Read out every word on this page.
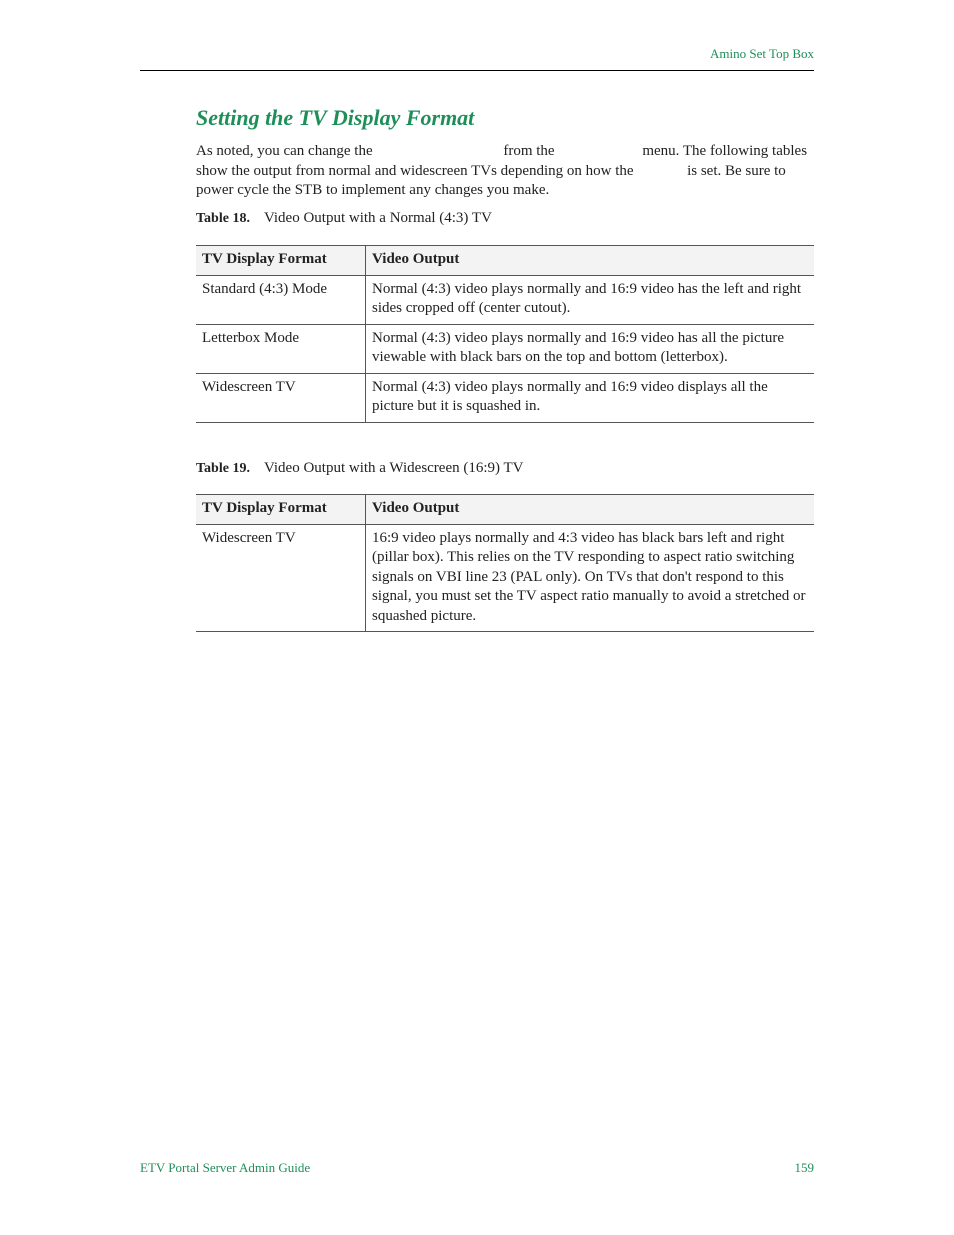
Amino Set Top Box
Setting the TV Display Format

As noted, you can change the	from the	menu. The following tables show the output from normal and widescreen TVs depending on how the	is set. Be sure to power cycle the STB to implement any changes you make.

Table 18. Video Output with a Normal (4:3) TV

TV Display Format	Video Output
Standard (4:3) Mode	Normal (4:3) video plays normally and 16:9 video has the left and right sides cropped off (center cutout).
Letterbox Mode	Normal (4:3) video plays normally and 16:9 video has all the picture viewable with black bars on the top and bottom (letterbox).
Widescreen TV	Normal (4:3) video plays normally and 16:9 video displays all the picture but it is squashed in.

Table 19. Video Output with a Widescreen (16:9) TV

TV Display Format	Video Output
Widescreen TV	16:9 video plays normally and 4:3 video has black bars left and right (pillar box). This relies on the TV responding to aspect ratio switching signals on VBI line 23 (PAL only). On TVs that don't respond to this signal, you must set the TV aspect ratio manually to avoid a stretched or squashed picture.
ETV Portal Server Admin Guide	159
